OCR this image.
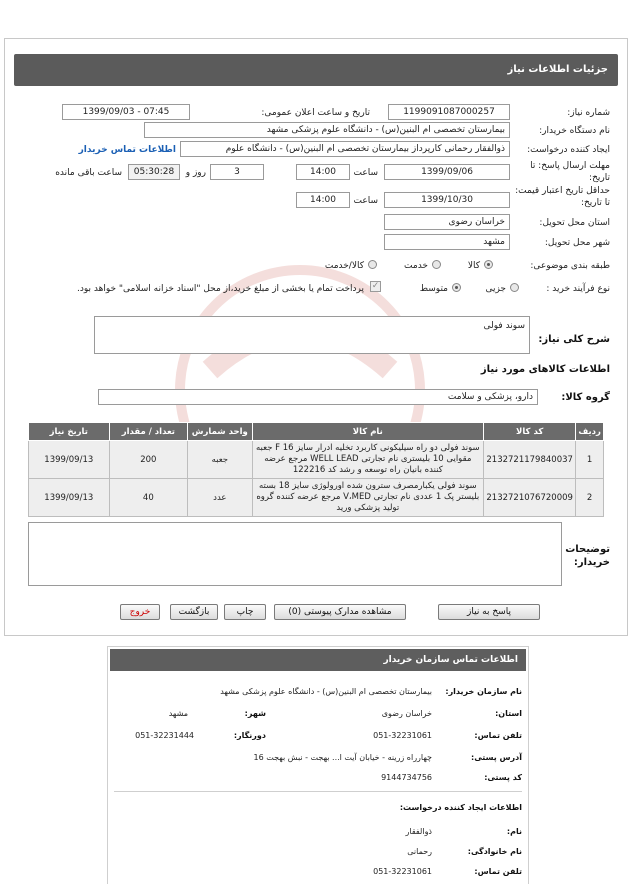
جزئیات اطلاعات نیاز
شماره نیاز:
1199091087000257
تاریخ و ساعت اعلان عمومی:
1399/09/03 - 07:45
نام دستگاه خریدار:
بیمارستان تخصصی ام البنین(س) - دانشگاه علوم پزشکی مشهد
ایجاد کننده درخواست:
ذوالفقار رحمانی کارپرداز بیمارستان تخصصی ام البنین(س) - دانشگاه علوم
اطلاعات تماس خریدار
مهلت ارسال پاسخ: تا تاریخ:
1399/09/06
ساعت
14:00
3
روز و
05:30:28
ساعت باقی مانده
حداقل تاریخ اعتبار قیمت: تا تاریخ:
1399/10/30
ساعت
14:00
استان محل تحویل:
خراسان رضوی
شهر محل تحویل:
مشهد
طبقه بندی موضوعی:
کالا
خدمت
کالا/خدمت
نوع فرآیند خرید :
جزیی
متوسط
✓
پرداخت تمام یا بخشی از مبلغ خرید،از محل "اسناد خزانه اسلامی" خواهد بود.
شرح کلی نیاز:
سوند فولی
اطلاعات کالاهای مورد نیاز
گروه کالا:
دارو، پزشکی و سلامت
ردیف	کد کالا	نام کالا	واحد شمارش	تعداد / مقدار	تاریخ نیاز
1	2132721179840037	سوند فولی دو راه سیلیکونی کاربرد تخلیه ادرار سایز F 16 جعبه مقوایی 10 بلیستری نام تجارتی WELL LEAD مرجع عرضه کننده بانیان راه توسعه و رشد کد 122216	جعبه	200	1399/09/13
2	2132721076720009	سوند فولی یکبارمصرف سترون شده اورولوژی سایز 18 بسته بلیستر پک 1 عددی نام تجارتی V،MED مرجع عرضه کننده گروه تولید پزشکی ورید	عدد	40	1399/09/13
توضیحات خریدار:
پاسخ به نیاز
مشاهده مدارک پیوستی (0)
چاپ
بازگشت
خروج
اطلاعات تماس سازمان خریدار
نام سازمان خریدار:
بیمارستان تخصصی ام البنین(س) - دانشگاه علوم پزشکی مشهد
استان:
خراسان رضوی
شهر:
مشهد
تلفن تماس:
051-32231061
دورنگار:
051-32231444
آدرس پستی:
چهارراه زرینه - خیابان آیت ا... بهجت - نبش بهجت 16
کد پستی:
9144734756
اطلاعات ایجاد کننده درخواست:
نام:
ذوالفقار
نام خانوادگی:
رحمانی
تلفن تماس:
051-32231061
